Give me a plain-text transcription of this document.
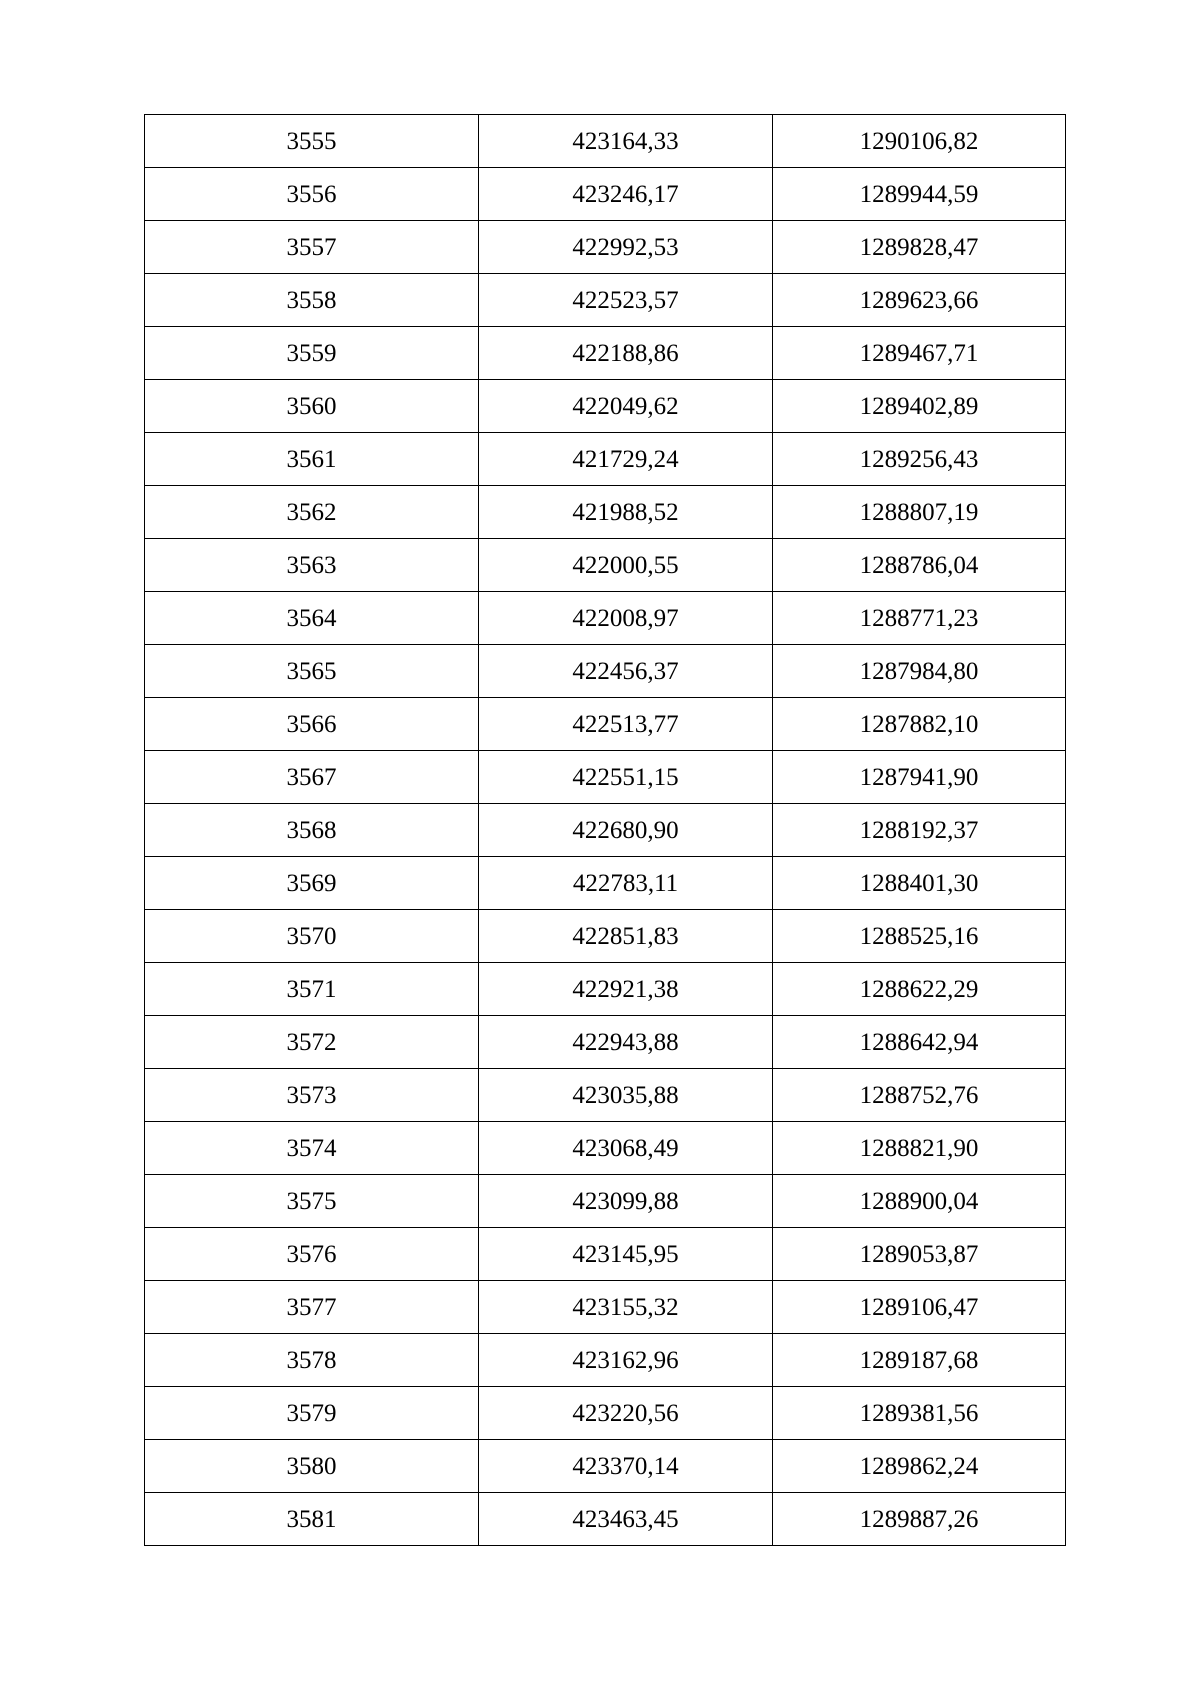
3555	423164,33	1290106,82
3556	423246,17	1289944,59
3557	422992,53	1289828,47
3558	422523,57	1289623,66
3559	422188,86	1289467,71
3560	422049,62	1289402,89
3561	421729,24	1289256,43
3562	421988,52	1288807,19
3563	422000,55	1288786,04
3564	422008,97	1288771,23
3565	422456,37	1287984,80
3566	422513,77	1287882,10
3567	422551,15	1287941,90
3568	422680,90	1288192,37
3569	422783,11	1288401,30
3570	422851,83	1288525,16
3571	422921,38	1288622,29
3572	422943,88	1288642,94
3573	423035,88	1288752,76
3574	423068,49	1288821,90
3575	423099,88	1288900,04
3576	423145,95	1289053,87
3577	423155,32	1289106,47
3578	423162,96	1289187,68
3579	423220,56	1289381,56
3580	423370,14	1289862,24
3581	423463,45	1289887,26
